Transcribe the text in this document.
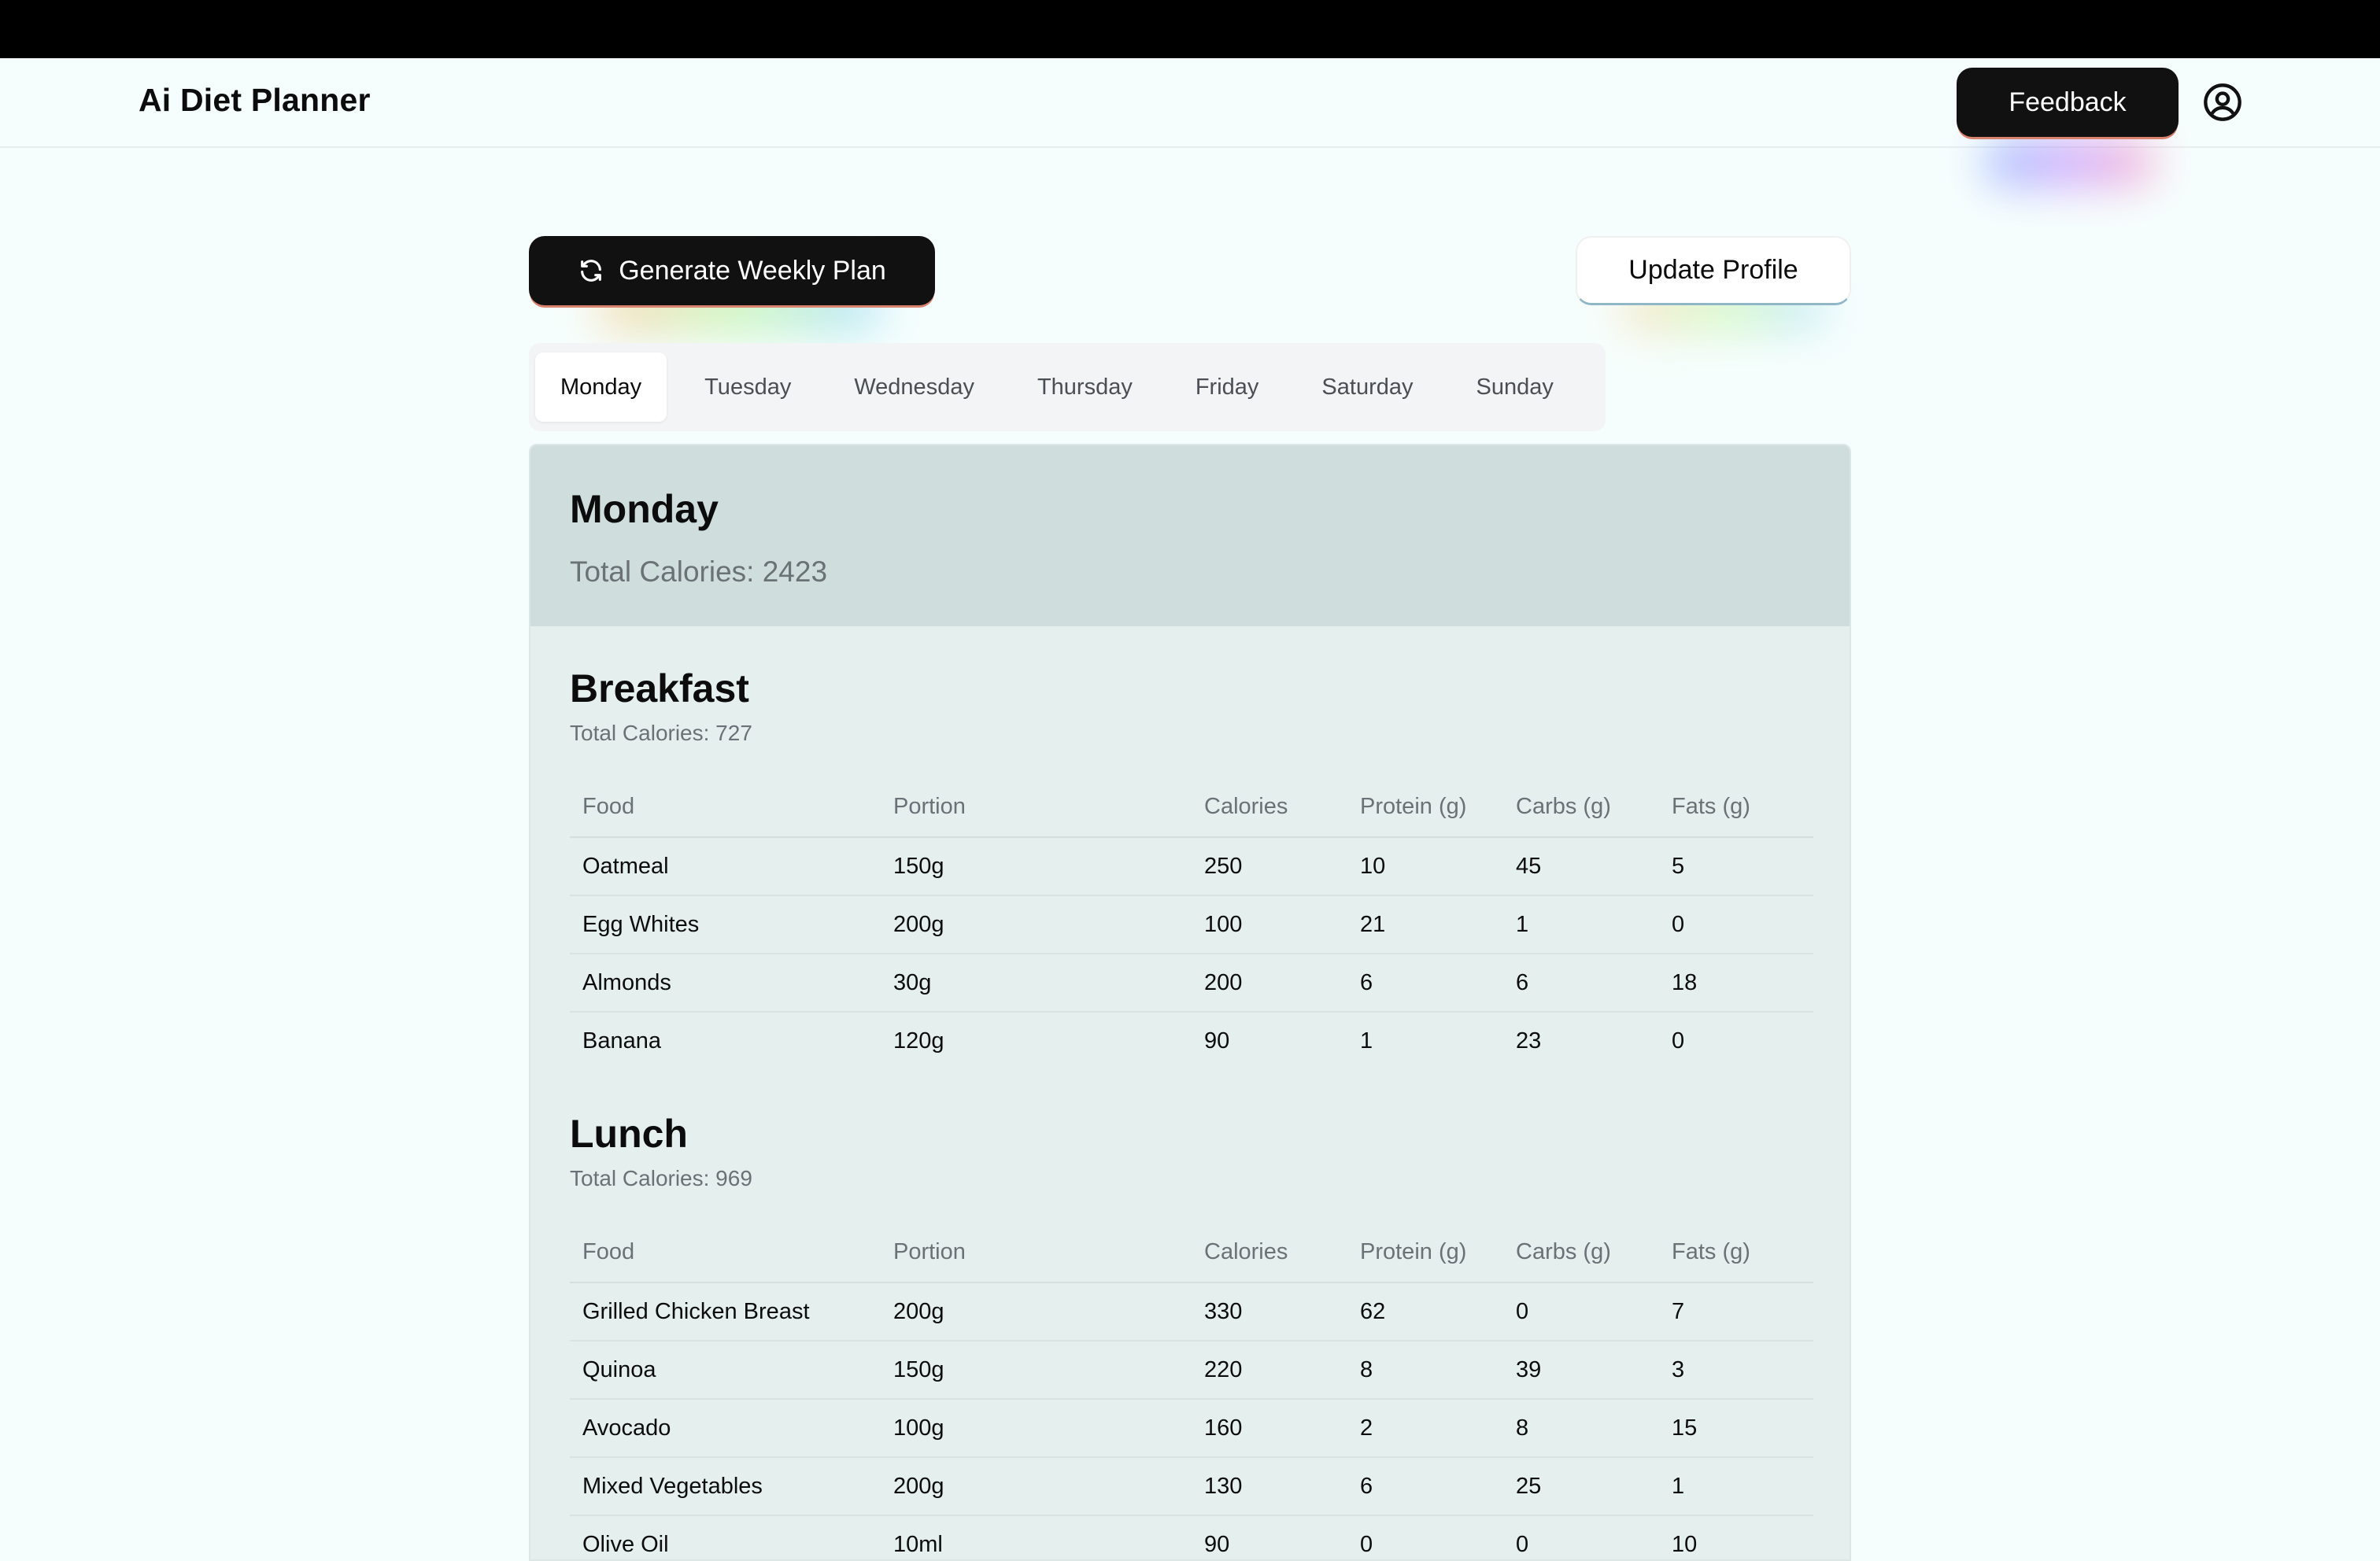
Ai Diet Planner	Feedback
Generate Weekly Plan	Update Profile
Monday	Tuesday	Wednesday	Thursday	Friday	Saturday	Sunday
Monday
Total Calories: 2423
Breakfast
Total Calories: 727
Food	Portion	Calories	Protein (g)	Carbs (g)	Fats (g)
Oatmeal	150g	250	10	45	5
Egg Whites	200g	100	21	1	0
Almonds	30g	200	6	6	18
Banana	120g	90	1	23	0
Lunch
Total Calories: 969
Food	Portion	Calories	Protein (g)	Carbs (g)	Fats (g)
Grilled Chicken Breast	200g	330	62	0	7
Quinoa	150g	220	8	39	3
Avocado	100g	160	2	8	15
Mixed Vegetables	200g	130	6	25	1
Olive Oil	10ml	90	0	0	10
